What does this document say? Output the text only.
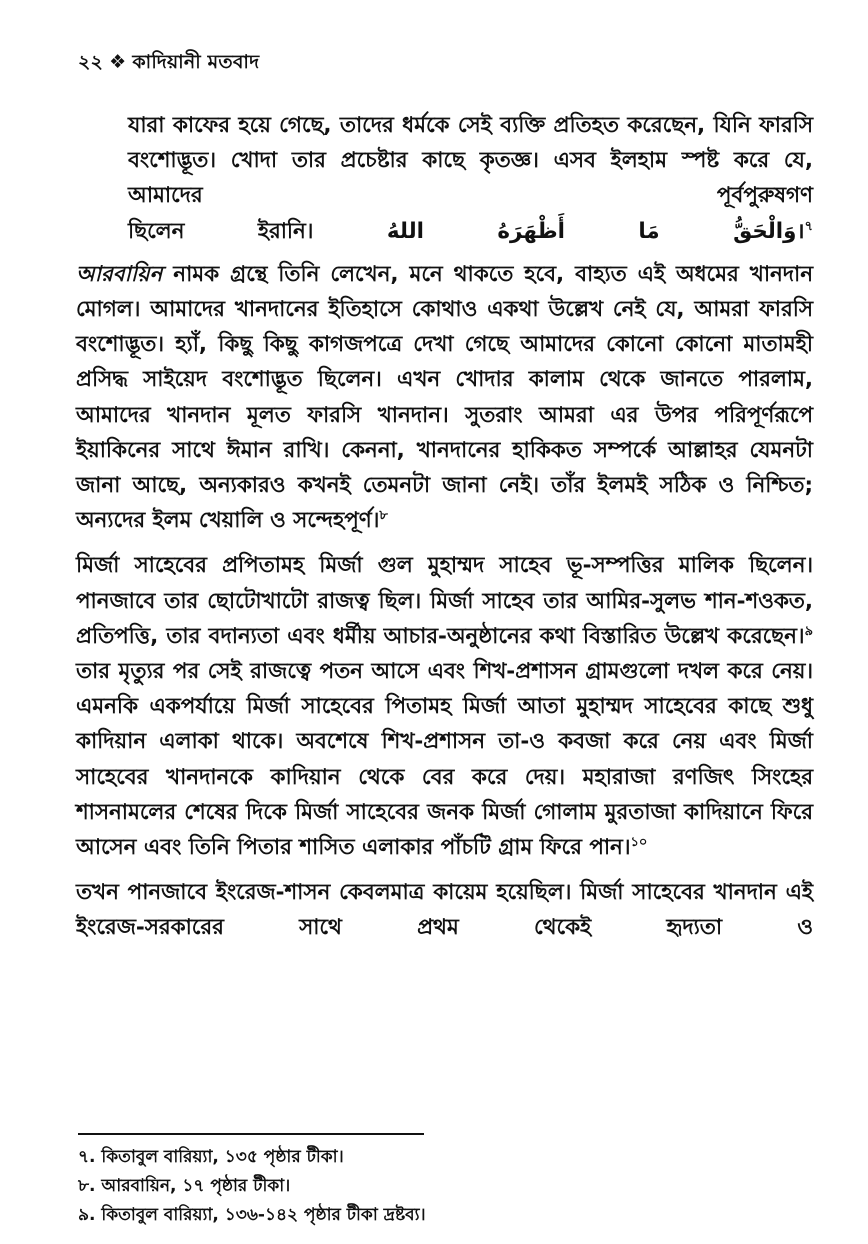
২২ ❖ কাদিয়ানী মতবাদ

যারা কাফের হয়ে গেছে, তাদের ধর্মকে সেই ব্যক্তি প্রতিহত করেছেন, যিনি ফারসি বংশোদ্ভূত। খোদা তার প্রচেষ্টার কাছে কৃতজ্ঞ। এসব ইলহাম স্পষ্ট করে যে, আমাদের পূর্বপুরুষগণ
ছিলেন ইরানি। وَالْحَقُّ مَا أَظْهَرَهُ اللهُ।$^৭$

আরবায়িন নামক গ্রন্থে তিনি লেখেন, মনে থাকতে হবে, বাহ্যত এই অধমের খানদান মোগল। আমাদের খানদানের ইতিহাসে কোথাও একথা উল্লেখ নেই যে, আমরা ফারসি বংশোদ্ভূত। হ্যাঁ, কিছু কিছু কাগজপত্রে দেখা গেছে আমাদের কোনো কোনো মাতামহী প্রসিদ্ধ সাইয়েদ বংশোদ্ভূত ছিলেন। এখন খোদার কালাম থেকে জানতে পারলাম, আমাদের খানদান মূলত ফারসি খানদান। সুতরাং আমরা এর উপর পরিপূর্ণরূপে ইয়াকিনের সাথে ঈমান রাখি। কেননা, খানদানের হাকিকত সম্পর্কে আল্লাহর যেমনটা জানা আছে, অন্যকারও কখনই তেমনটা জানা নেই। তাঁর ইলমই সঠিক ও নিশ্চিত; অন্যদের ইলম খেয়ালি ও সন্দেহপূর্ণ।$^৮$

মির্জা সাহেবের প্রপিতামহ মির্জা গুল মুহাম্মদ সাহেব ভূ-সম্পত্তির মালিক ছিলেন। পানজাবে তার ছোটোখাটো রাজত্ব ছিল। মির্জা সাহেব তার আমির-সুলভ শান-শওকত, প্রতিপত্তি, তার বদান্যতা এবং ধর্মীয় আচার-অনুষ্ঠানের কথা বিস্তারিত উল্লেখ করেছেন।$^৯$ তার মৃত্যুর পর সেই রাজত্বে পতন আসে এবং শিখ-প্রশাসন গ্রামগুলো দখল করে নেয়। এমনকি একপর্যায়ে মির্জা সাহেবের পিতামহ মির্জা আতা মুহাম্মদ সাহেবের কাছে শুধু কাদিয়ান এলাকা থাকে। অবশেষে শিখ-প্রশাসন তা-ও কবজা করে নেয় এবং মির্জা সাহেবের খানদানকে কাদিয়ান থেকে বের করে দেয়। মহারাজা রণজিৎ সিংহের শাসনামলের শেষের দিকে মির্জা সাহেবের জনক মির্জা গোলাম মুরতাজা কাদিয়ানে ফিরে আসেন এবং তিনি পিতার শাসিত এলাকার পাঁচটি গ্রাম ফিরে পান।$^{১০}$

তখন পানজাবে ইংরেজ-শাসন কেবলমাত্র কায়েম হয়েছিল। মির্জা সাহেবের খানদান এই ইংরেজ-সরকারের সাথে প্রথম থেকেই হৃদ্যতা ও

৭. কিতাবুল বারিয়্যা, ১৩৫ পৃষ্ঠার টীকা।
৮. আরবায়িন, ১৭ পৃষ্ঠার টীকা।
৯. কিতাবুল বারিয়্যা, ১৩৬-১৪২ পৃষ্ঠার টীকা দ্রষ্টব্য।
